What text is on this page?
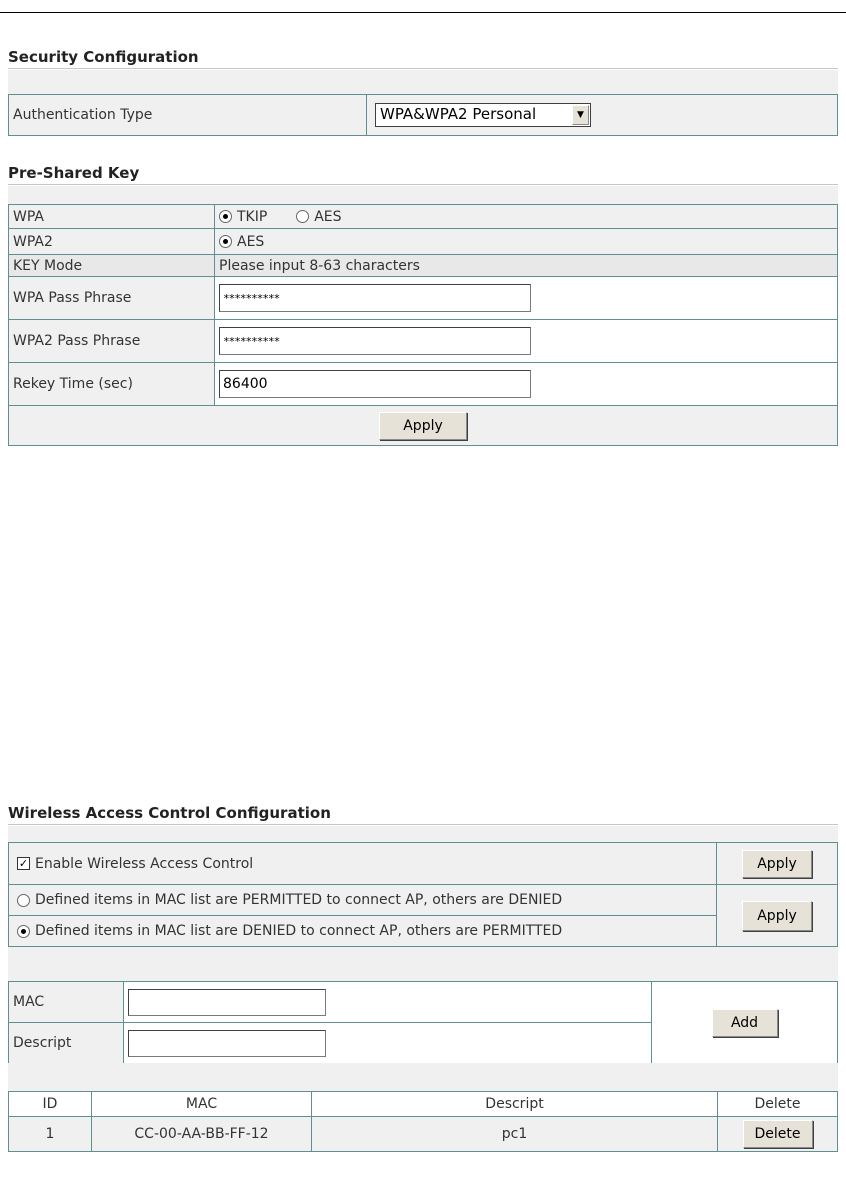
Security Configuration
Authentication Type	WPA&WPA2 Personal	▼
Pre-Shared Key
WPA	TKIP AES
WPA2	AES
KEY Mode	Please input 8-63 characters
WPA Pass Phrase	**********
WPA2 Pass Phrase	**********
Rekey Time (sec)	86400
Apply	
Wireless Access Control Configuration
✓ Enable Wireless Access Control	Apply
Defined items in MAC list are PERMITTED to connect AP, others are DENIED	Apply
Defined items in MAC list are DENIED to connect AP, others are PERMITTED	
MAC		Add
Descript	
ID	MAC	Descript	Delete
1	CC-00-AA-BB-FF-12	pc1	Delete
